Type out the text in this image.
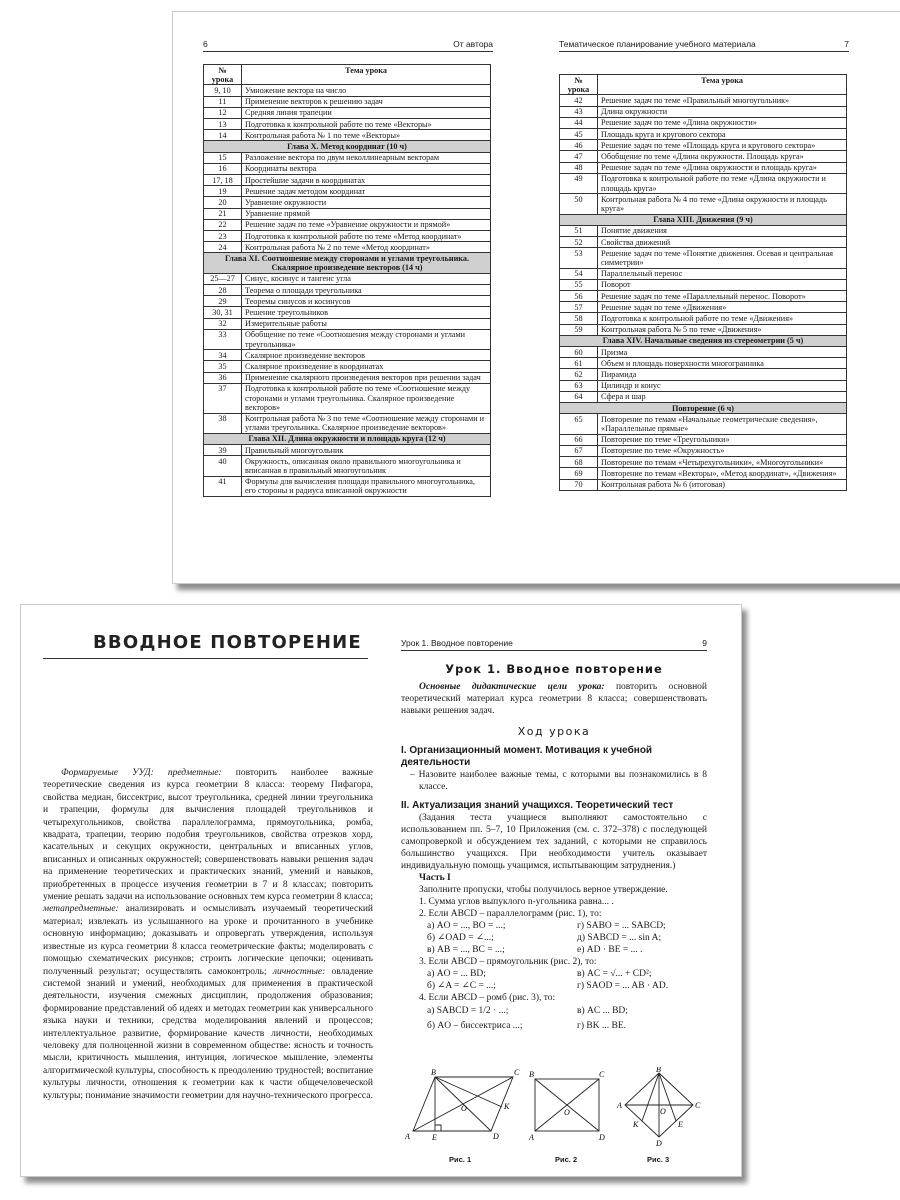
6	От автора	Тематическое планирование учебного материала	7
№ урока	Тема урока
9, 10	Умножение вектора на число
11	Применение векторов к решению задач
12	Средняя линия трапеции
13	Подготовка к контрольной работе по теме «Векторы»
14	Контрольная работа № 1 по теме «Векторы»
Глава X. Метод координат (10 ч)	
15	Разложение вектора по двум неколлинеарным векторам
16	Координаты вектора
17, 18	Простейшие задачи в координатах
19	Решение задач методом координат
20	Уравнение окружности
21	Уравнение прямой
22	Решение задач по теме «Уравнение окружности и прямой»
23	Подготовка к контрольной работе по теме «Метод координат»
24	Контрольная работа № 2 по теме «Метод координат»
Глава XI. Соотношение между сторонами и углами треугольника. Скалярное произведение векторов (14 ч)	
25—27	Синус, косинус и тангенс угла
28	Теорема о площади треугольника
29	Теоремы синусов и косинусов
30, 31	Решение треугольников
32	Измерительные работы
33	Обобщение по теме «Соотношения между сторонами и углами треугольника»
34	Скалярное произведение векторов
35	Скалярное произведение в координатах
36	Применение скалярного произведения векторов при решении задач
37	Подготовка к контрольной работе по теме «Соотношение между сторонами и углами треугольника. Скалярное произведение векторов»
38	Контрольная работа № 3 по теме «Соотношение между сторонами и углами треугольника. Скалярное произведение векторов»
Глава XII. Длина окружности и площадь круга (12 ч)	
39	Правильный многоугольник
40	Окружность, описанная около правильного многоугольника и вписанная в правильный многоугольник
41	Формулы для вычисления площади правильного многоугольника, его стороны и радиуса вписанной окружности
№ урока	Тема урока
42	Решение задач по теме «Правильный многоугольник»
43	Длина окружности
44	Решение задач по теме «Длина окружности»
45	Площадь круга и кругового сектора
46	Решение задач по теме «Площадь круга и кругового сектора»
47	Обобщение по теме «Длина окружности. Площадь круга»
48	Решение задач по теме «Длина окружности и площадь круга»
49	Подготовка к контрольной работе по теме «Длина окружности и площадь круга»
50	Контрольная работа № 4 по теме «Длина окружности и площадь круга»
Глава XIII. Движения (9 ч)	
51	Понятие движения
52	Свойства движений
53	Решение задач по теме «Понятие движения. Осевая и центральная симметрии»
54	Параллельный перенос
55	Поворот
56	Решение задач по теме «Параллельный перенос. Поворот»
57	Решение задач по теме «Движения»
58	Подготовка к контрольной работе по теме «Движения»
59	Контрольная работа № 5 по теме «Движения»
Глава XIV. Начальные сведения из стереометрии (5 ч)	
60	Призма
61	Объем и площадь поверхности многогранника
62	Пирамида
63	Цилиндр и конус
64	Сфера и шар
Повторение (6 ч)	
65	Повторение по темам «Начальные геометрические сведения», «Параллельные прямые»
66	Повторение по теме «Треугольники»
67	Повторение по теме «Окружность»
68	Повторение по темам «Четырехугольники», «Многоугольники»
69	Повторение по темам «Векторы», «Метод координат», «Движения»
70	Контрольная работа № 6 (итоговая)
ВВОДНОЕ ПОВТОРЕНИЕ
Формируемые УУД: предметные: повторить наиболее важные теоретические сведения из курса геометрии 8 класса: теорему Пифагора, свойства медиан, биссектрис, высот треугольника, средней линии треугольника и трапеции, формулы для вычисления площадей треугольников и четырехугольников, свойства параллелограмма, прямоугольника, ромба, квадрата, трапеции, теорию подобия треугольников, свойства отрезков хорд, касательных и секущих окружности, центральных и вписанных углов, вписанных и описанных окружностей; совершенствовать навыки решения задач на применение теоретических и практических знаний, умений и навыков, приобретенных в процессе изучения геометрии в 7 и 8 классах; повторить умение решать задачи на использование основных тем курса геометрии 8 класса; метапредметные: анализировать и осмысливать изучаемый теоретический материал; извлекать из услышанного на уроке и прочитанного в учебнике основную информацию; доказывать и опровергать утверждения, используя известные из курса геометрии 8 класса геометрические факты; моделировать с помощью схематических рисунков; строить логические цепочки; оценивать полученный результат; осуществлять самоконтроль; личностные: овладение системой знаний и умений, необходимых для применения в практической деятельности, изучения смежных дисциплин, продолжения образования; формирование представлений об идеях и методах геометрии как универсального языка науки и техники, средства моделирования явлений и процессов; интеллектуальное развитие, формирование качеств личности, необходимых человеку для полноценной жизни в современном обществе: ясность и точность мысли, критичность мышления, интуиция, логическое мышление, элементы алгоритмической культуры, способность к преодолению трудностей; воспитание культуры личности, отношения к геометрии как к части общечеловеческой культуры; понимание значимости геометрии для научно-технического прогресса.
Урок 1. Вводное повторение	9
Урок 1. Вводное повторение
Основные дидактические цели урока: повторить основной теоретический материал курса геометрии 8 класса; совершенствовать навыки решения задач.
Ход урока
I. Организационный момент. Мотивация к учебной деятельности
– Назовите наиболее важные темы, с которыми вы познакомились в 8 классе.
II. Актуализация знаний учащихся. Теоретический тест
(Задания теста учащиеся выполняют самостоятельно с использованием пп. 5–7, 10 Приложения (см. с. 372–378) с последующей самопроверкой и обсуждением тех заданий, с которыми не справилось большинство учащихся. При необходимости учитель оказывает индивидуальную помощь учащимся, испытывающим затруднения.)
Часть I
Заполните пропуски, чтобы получилось верное утверждение.
1. Сумма углов выпуклого n-угольника равна... .
2. Если ABCD – параллелограмм (рис. 1), то:
а) AO = ..., BO = ...;	г) SABO = ... SABCD;
б) ∠OAD = ∠...;	д) SABCD = ... sin A;
в) AB = ..., BC = ...;	е) AD · BE = ... .
3. Если ABCD – прямоугольник (рис. 2), то:
а) AO = ... BD;	в) AC = √... + CD²;
б) ∠A = ∠C = ...;	г) SAOD = ... AB · AD.
4. Если ABCD – ромб (рис. 3), то:
а) SABCD = 1/2 · ...;	в) AC ... BD;
б) AO – биссектриса ...;	г) BK ... BE.
B	C
A	D
E
O	K
B	C
A	D
O
B
A	C
D
O
K	E
Рис. 1	Рис. 2	Рис. 3
